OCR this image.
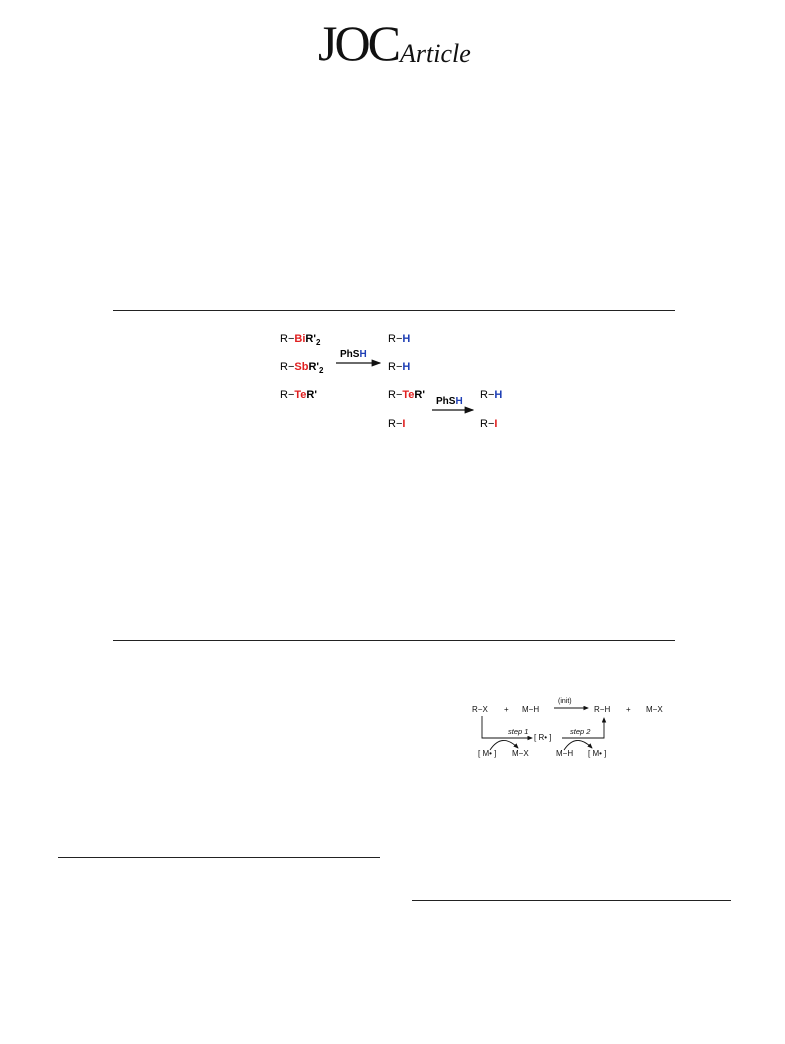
JOC Article
$R-BiR'_2$
$R-SbR'_2$
R−TeR'
PhSH
R−H
R−H
R−TeR'
R−I
PhSH
R−H
R−I
R−X + M−H
(init)
R−H + M−X
step 1	step 2
[ R• ]
[ M• ] M−X	M−H [ M• ]
